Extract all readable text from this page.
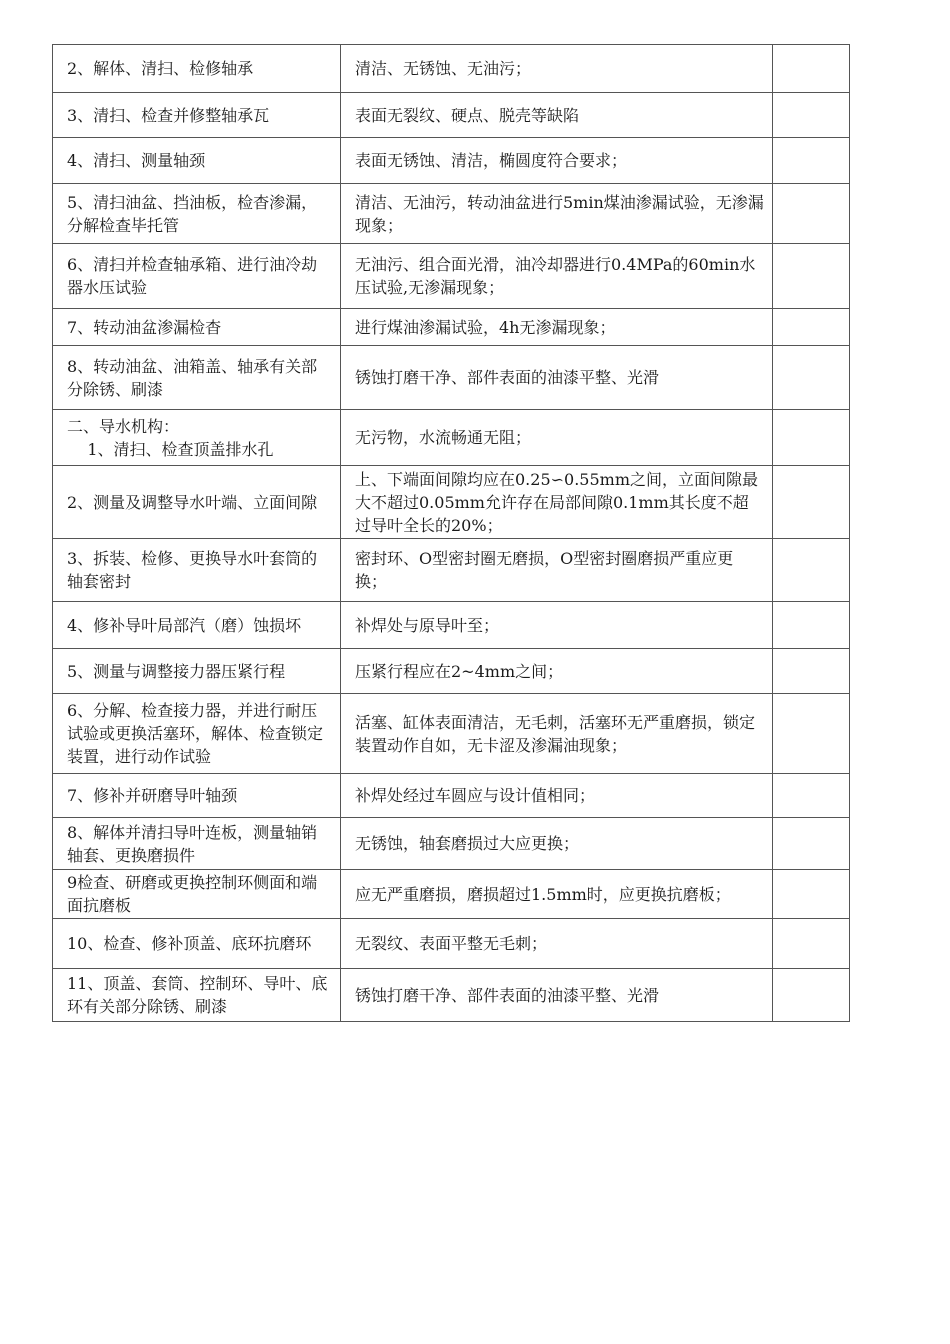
2、解体、清扫、检修轴承	清洁、无锈蚀、无油污；	
3、清扫、检查并修整轴承瓦	表面无裂纹、硬点、脱壳等缺陷	
4、清扫、测量轴颈	表面无锈蚀、清洁，椭圆度符合要求；	
5、清扫油盆、挡油板，检杳渗漏，分解检查毕托管	清洁、无油污，转动油盆进行5min煤油渗漏试验，无渗漏现象；	
6、清扫并检查轴承箱、进行油冷劫器水压试验	无油污、组合面光滑，油冷却器进行0.4MPa的60min水压试验,无渗漏现象；	
7、转动油盆渗漏检杳	进行煤油渗漏试验，4h无渗漏现象；	
8、转动油盆、油箱盖、轴承有关部分除锈、刷漆	锈蚀打磨干净、部件表面的油漆平整、光滑	
二、导水机构：
1、清扫、检查顶盖排水孔	无污物，水流畅通无阻；	
2、测量及调整导水叶端、立面间隙	上、下端面间隙均应在0.25∽0.55mm之间，立面间隙最大不超过0.05mm允许存在局部间隙0.1mm其长度不超过导叶全长的20%；	
3、拆装、检修、更换导水叶套筒的轴套密封	密封环、O型密封圈无磨损，O型密封圈磨损严重应更换；	
4、修补导叶局部汽（磨）蚀损坏	补焊处与原导叶至；	
5、测量与调整接力器压紧行程	压紧行程应在2~4mm之间；	
6、分解、检查接力器，并进行耐压试验或更换活塞环，解体、检查锁定装置，进行动作试验	活塞、缸体表面清洁，无毛刺，活塞环无严重磨损，锁定装置动作自如，无卡涩及渗漏油现象；	
7、修补并研磨导叶轴颈	补焊处经过车圆应与设计值相同；	
8、解体并清扫导叶连板，测量轴销轴套、更换磨损件	无锈蚀，轴套磨损过大应更换；	
9检查、研磨或更换控制环侧面和端面抗磨板	应无严重磨损，磨损超过1.5mm时，应更换抗磨板；	
10、检查、修补顶盖、底环抗磨环	无裂纹、表面平整无毛刺；	
11、顶盖、套筒、控制环、导叶、底环有关部分除锈、刷漆	锈蚀打磨干净、部件表面的油漆平整、光滑	
